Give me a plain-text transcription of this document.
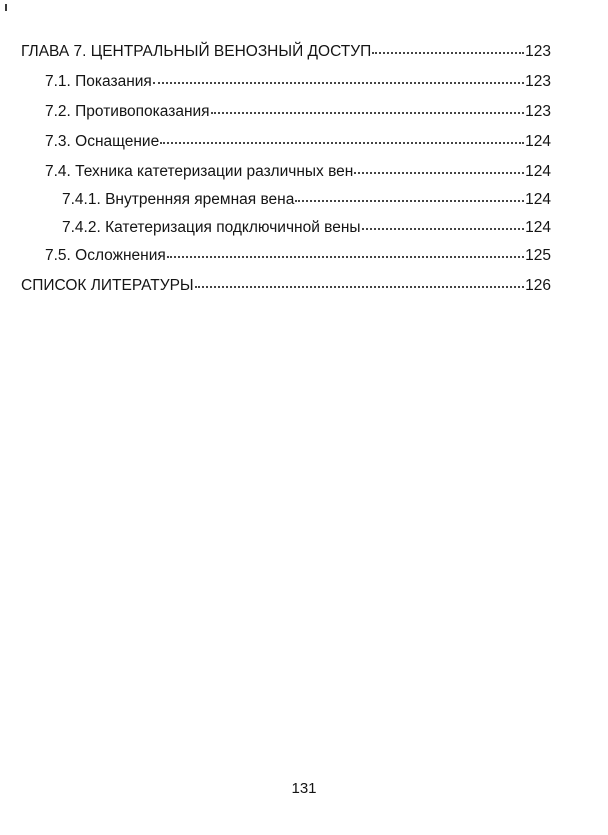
ГЛАВА 7. ЦЕНТРАЛЬНЫЙ ВЕНОЗНЫЙ ДОСТУП	123
7.1. Показания	123
7.2. Противопоказания	123
7.3. Оснащение	124
7.4. Техника катетеризации различных вен	124
7.4.1. Внутренняя яремная вена	124
7.4.2. Катетеризация подключичной вены	124
7.5. Осложнения	125
СПИСОК ЛИТЕРАТУРЫ	126

131
